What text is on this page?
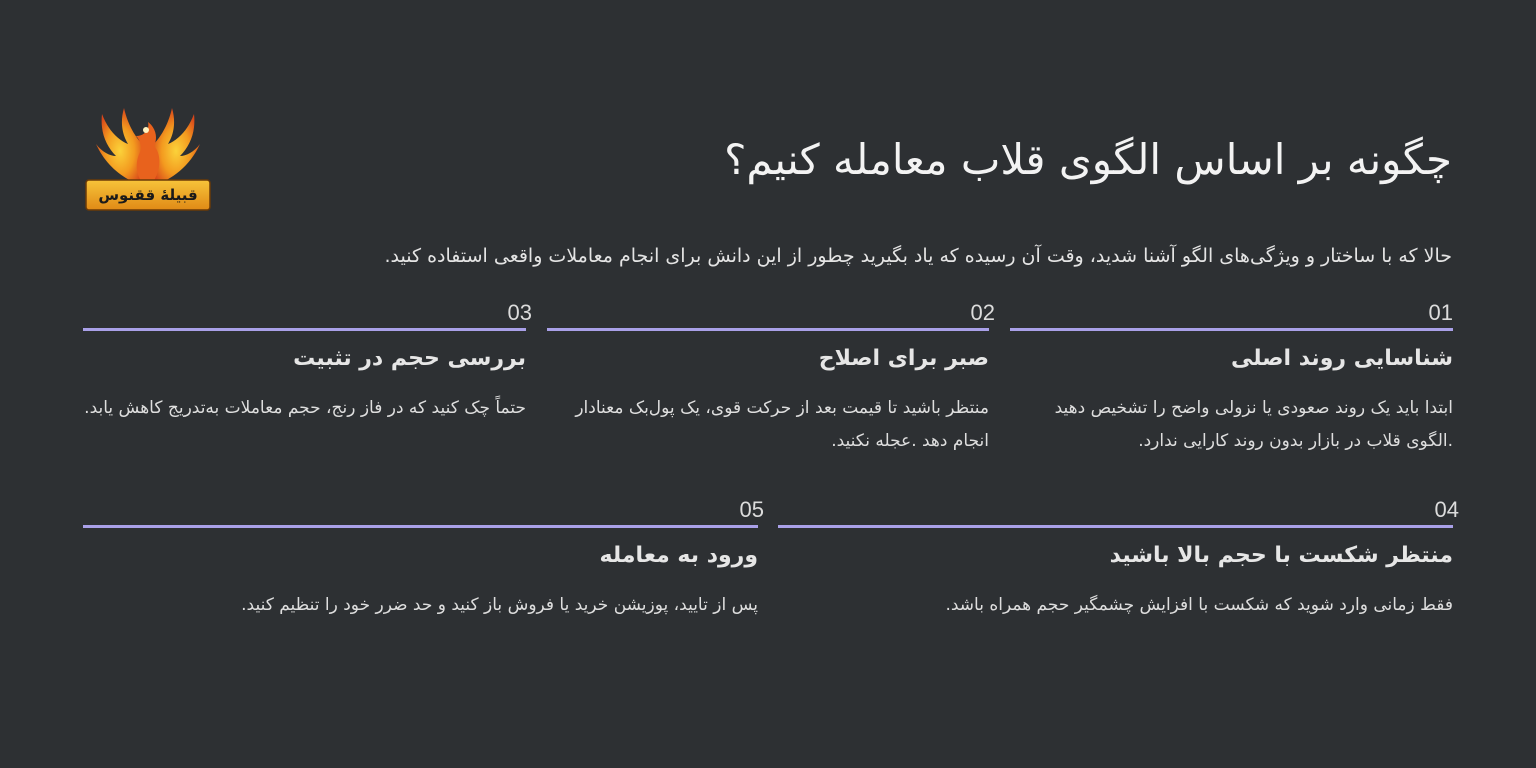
قبیلهٔ ققنوس
چگونه بر اساس الگوی قلاب معامله کنیم؟

حالا که با ساختار و ویژگی‌های الگو آشنا شدید، وقت آن رسیده که یاد بگیرید چطور از این دانش برای انجام معاملات واقعی استفاده کنید.

01
شناسایی روند اصلی

ابتدا باید یک روند صعودی یا نزولی واضح را تشخیص دهید .الگوی قلاب در بازار بدون روند کارایی ندارد.

02
صبر برای اصلاح

منتظر باشید تا قیمت بعد از حرکت قوی، یک پول‌بک معنادار انجام دهد .عجله نکنید.

03
بررسی حجم در تثبیت

حتماً چک کنید که در فاز رنج، حجم معاملات به‌تدریج کاهش یابد.

04
منتظر شکست با حجم بالا باشید

فقط زمانی وارد شوید که شکست با افزایش چشمگیر حجم همراه باشد.

05
ورود به معامله

پس از تایید، پوزیشن خرید یا فروش باز کنید و حد ضرر خود را تنظیم کنید.
